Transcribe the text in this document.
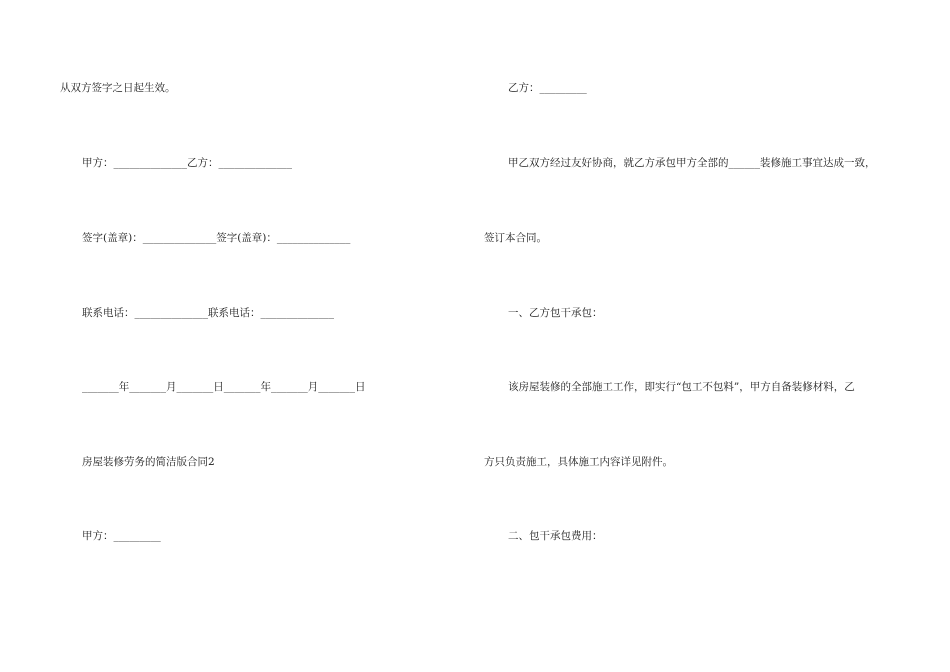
从双方签字之日起生效。
甲方：______________乙方：______________
签字(盖章)：______________签字(盖章)：______________
联系电话：______________联系电话：______________
_______年_______月_______日_______年_______月_______日
房屋装修劳务的简洁版合同2
甲方：_________
乙方：_________
甲乙双方经过友好协商，就乙方承包甲方全部的______装修施工事宜达成一致，
签订本合同。
一、乙方包干承包：
该房屋装修的全部施工工作，即实行“包工不包料”，甲方自备装修材料，乙
方只负责施工，具体施工内容详见附件。
二、包干承包费用：
